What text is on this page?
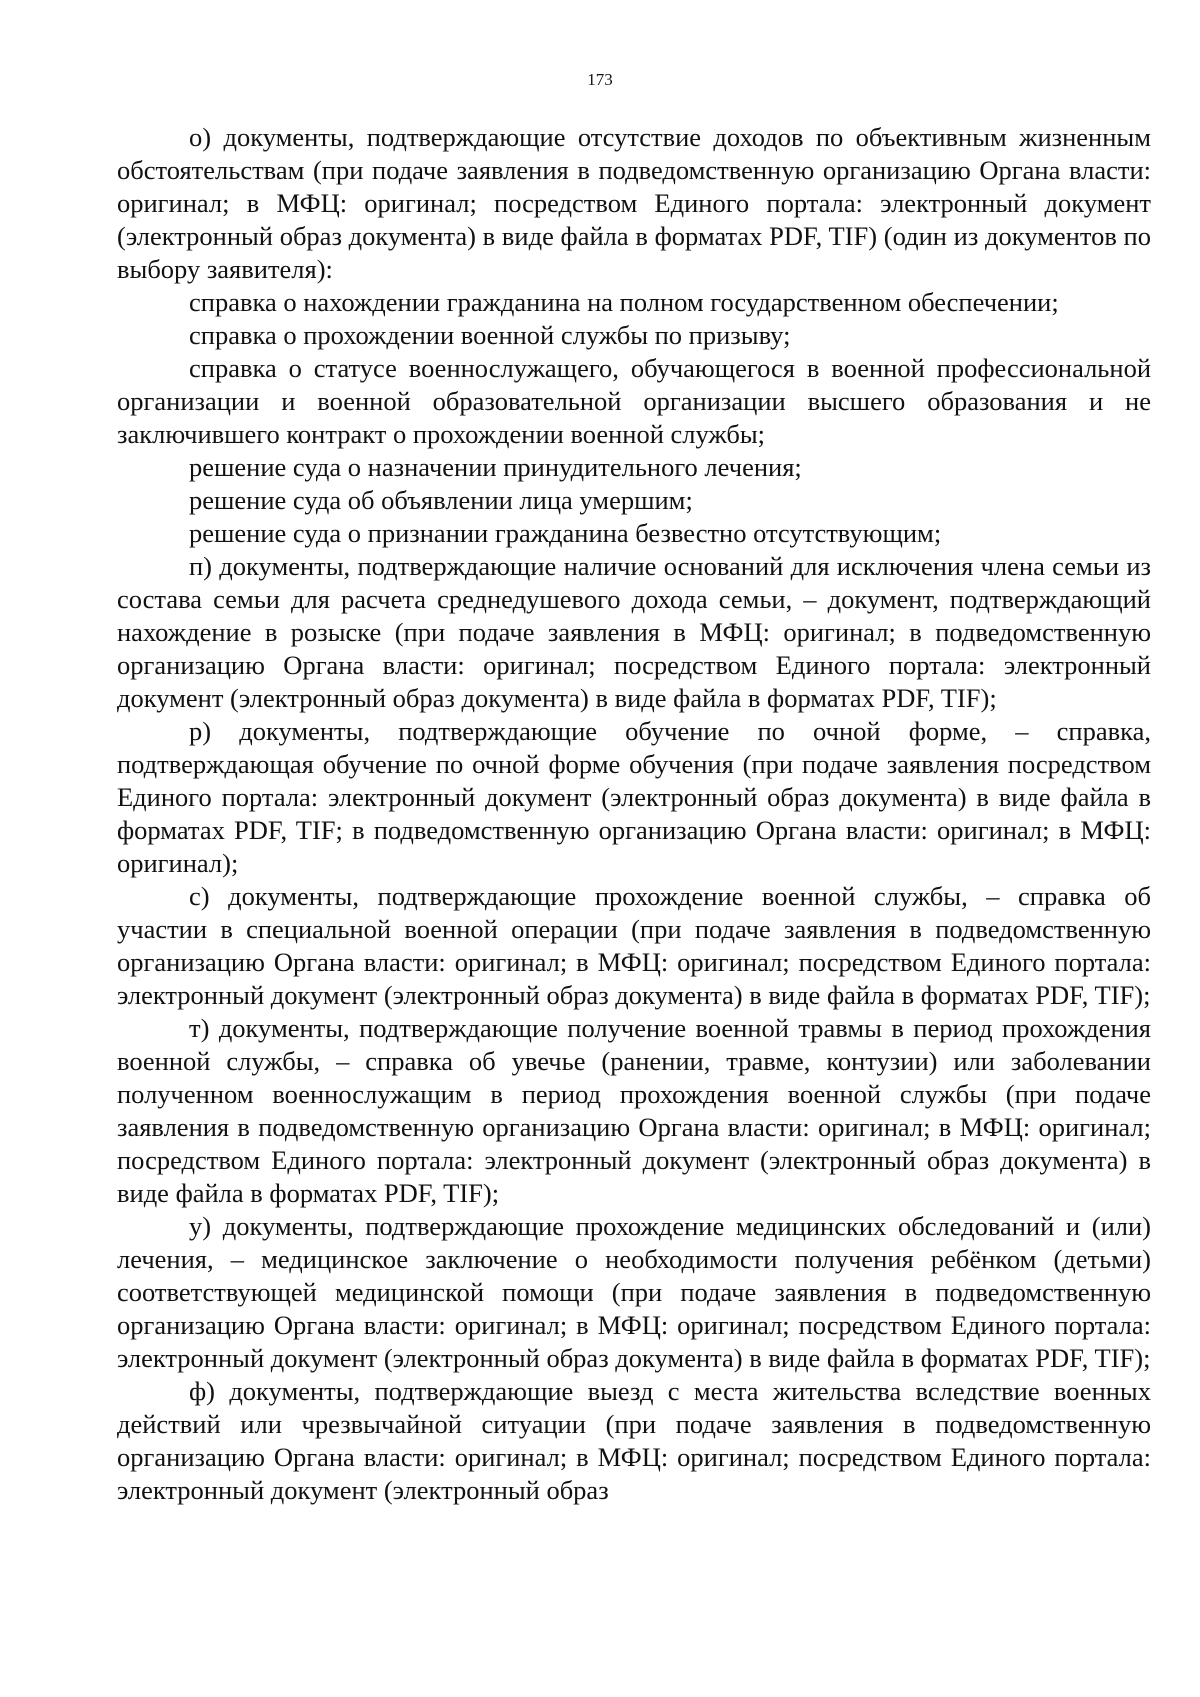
173

о) документы, подтверждающие отсутствие доходов по объективным жизненным обстоятельствам (при подаче заявления в подведомственную организацию Органа власти: оригинал; в МФЦ: оригинал; посредством Единого портала: электронный документ (электронный образ документа) в виде файла в форматах PDF, TIF) (один из документов по выбору заявителя):

справка о нахождении гражданина на полном государственном обеспечении;

справка о прохождении военной службы по призыву;

справка о статусе военнослужащего, обучающегося в военной профессиональной организации и военной образовательной организации высшего образования и не заключившего контракт о прохождении военной службы;

решение суда о назначении принудительного лечения;

решение суда об объявлении лица умершим;

решение суда о признании гражданина безвестно отсутствующим;

п) документы, подтверждающие наличие оснований для исключения члена семьи из состава семьи для расчета среднедушевого дохода семьи, – документ, подтверждающий нахождение в розыске (при подаче заявления в МФЦ: оригинал; в подведомственную организацию Органа власти: оригинал; посредством Единого портала: электронный документ (электронный образ документа) в виде файла в форматах PDF, TIF);

р) документы, подтверждающие обучение по очной форме, – справка, подтверждающая обучение по очной форме обучения (при подаче заявления посредством Единого портала: электронный документ (электронный образ документа) в виде файла в форматах PDF, TIF; в подведомственную организацию Органа власти: оригинал; в МФЦ: оригинал);

с) документы, подтверждающие прохождение военной службы, – справка об участии в специальной военной операции (при подаче заявления в подведомственную организацию Органа власти: оригинал; в МФЦ: оригинал; посредством Единого портала: электронный документ (электронный образ документа) в виде файла в форматах PDF, TIF);

т) документы, подтверждающие получение военной травмы в период прохождения военной службы, – справка об увечье (ранении, травме, контузии) или заболевании полученном военнослужащим в период прохождения военной службы (при подаче заявления в подведомственную организацию Органа власти: оригинал; в МФЦ: оригинал; посредством Единого портала: электронный документ (электронный образ документа) в виде файла в форматах PDF, TIF);

у) документы, подтверждающие прохождение медицинских обследований и (или) лечения, – медицинское заключение о необходимости получения ребёнком (детьми) соответствующей медицинской помощи (при подаче заявления в подведомственную организацию Органа власти: оригинал; в МФЦ: оригинал; посредством Единого портала: электронный документ (электронный образ документа) в виде файла в форматах PDF, TIF);

ф) документы, подтверждающие выезд с места жительства вследствие военных действий или чрезвычайной ситуации (при подаче заявления в подведомственную организацию Органа власти: оригинал; в МФЦ: оригинал; посредством Единого портала: электронный документ (электронный образ
